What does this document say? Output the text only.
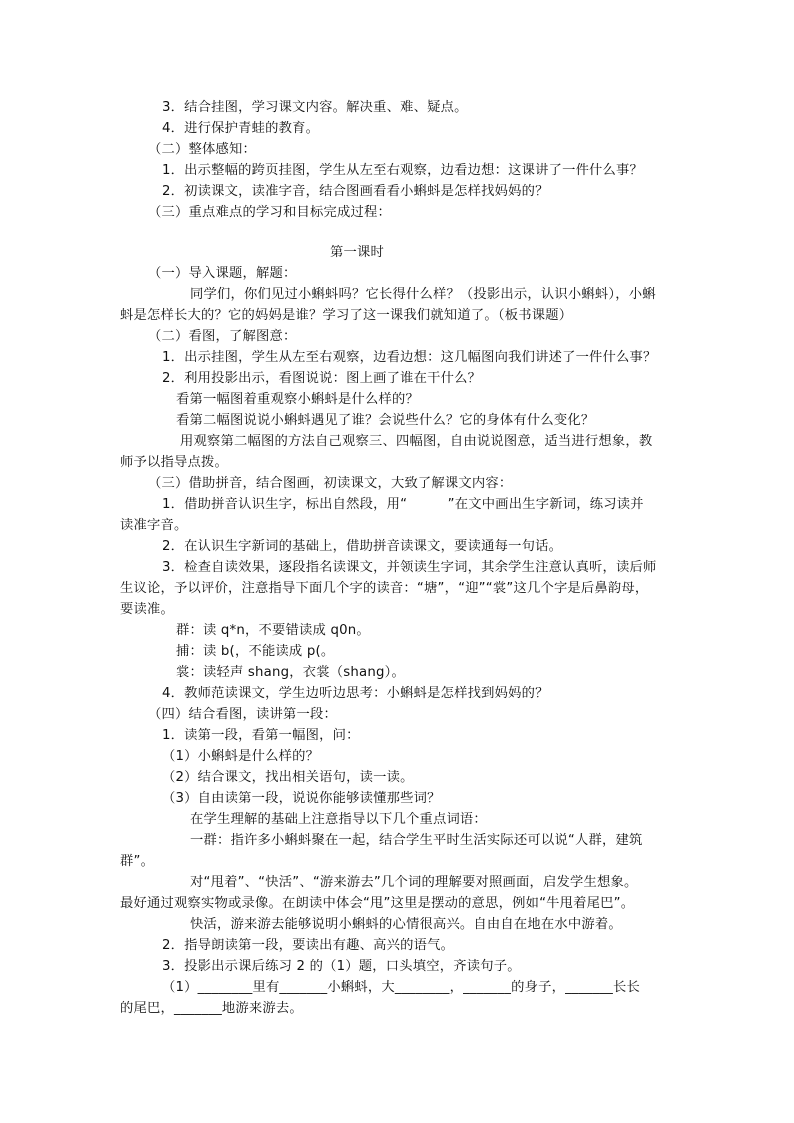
3．结合挂图，学习课文内容。解决重、难、疑点。
4．进行保护青蛙的教育。
（二）整体感知：
1．出示整幅的跨页挂图，学生从左至右观察，边看边想：这课讲了一件什么事？
2．初读课文，读准字音，结合图画看看小蝌蚪是怎样找妈妈的？
（三）重点难点的学习和目标完成过程：
第一课时
（一）导入课题，解题：
同学们，你们见过小蝌蚪吗？它长得什么样？（投影出示，认识小蝌蚪），小蝌
蚪是怎样长大的？它的妈妈是谁？学习了这一课我们就知道了。（板书课题）
（二）看图，了解图意：
1．出示挂图，学生从左至右观察，边看边想：这几幅图向我们讲述了一件什么事？
2．利用投影出示，看图说说：图上画了谁在干什么？
看第一幅图着重观察小蝌蚪是什么样的？
看第二幅图说说小蝌蚪遇见了谁？会说些什么？它的身体有什么变化？
用观察第二幅图的方法自己观察三、四幅图，自由说说图意，适当进行想象，教
师予以指导点拨。
（三）借助拼音，结合图画，初读课文，大致了解课文内容：
1．借助拼音认识生字，标出自然段，用“　　　”在文中画出生字新词，练习读并
读准字音。
2．在认识生字新词的基础上，借助拼音读课文，要读通每一句话。
3．检查自读效果，逐段指名读课文，并领读生字词，其余学生注意认真听，读后师
生议论，予以评价，注意指导下面几个字的读音：“塘”，“迎”“裳”这几个字是后鼻韵母，
要读准。
群：读 q*n，不要错读成 q0n。
捕：读 b(，不能读成 p(。
裳：读轻声 shang，衣裳（shang）。
4．教师范读课文，学生边听边思考：小蝌蚪是怎样找到妈妈的？
（四）结合看图，读讲第一段：
1．读第一段，看第一幅图，问：
（1）小蝌蚪是什么样的？
（2）结合课文，找出相关语句，读一读。
（3）自由读第一段，说说你能够读懂那些词？
在学生理解的基础上注意指导以下几个重点词语：
一群：指许多小蝌蚪聚在一起，结合学生平时生活实际还可以说“人群，建筑
群”。
对“甩着”、“快活”、“游来游去”几个词的理解要对照画面，启发学生想象。
最好通过观察实物或录像。在朗读中体会“甩”这里是摆动的意思，例如“牛甩着尾巴”。
快活，游来游去能够说明小蝌蚪的心情很高兴。自由自在地在水中游着。
2．指导朗读第一段，要读出有趣、高兴的语气。
3．投影出示课后练习 2 的（1）题，口头填空，齐读句子。
（1）________里有_______小蝌蚪，大________，_______的身子，_______长长
的尾巴，_______地游来游去。
